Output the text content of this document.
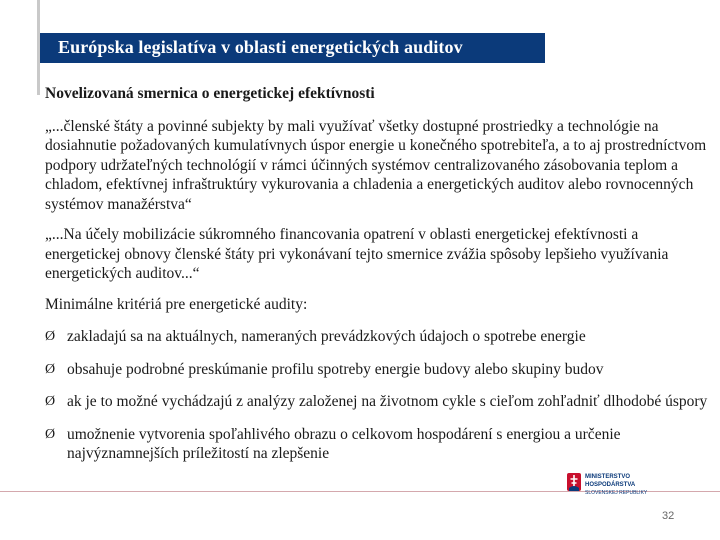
Európska legislatíva v oblasti energetických auditov

Novelizovaná smernica o energetickej efektívnosti

„...členské štáty a povinné subjekty by mali využívať všetky dostupné prostriedky a technológie na dosiahnutie požadovaných kumulatívnych úspor energie u konečného spotrebiteľa, a to aj prostredníctvom podpory udržateľných technológií v rámci účinných systémov centralizovaného zásobovania teplom a chladom, efektívnej infraštruktúry vykurovania a chladenia a energetických auditov alebo rovnocenných systémov manažérstva“

„...Na účely mobilizácie súkromného financovania opatrení v oblasti energetickej efektívnosti a energetickej obnovy členské štáty pri vykonávaní tejto smernice zvážia spôsoby lepšieho využívania energetických auditov...“

Minimálne kritériá pre energetické audity:

Ø zakladajú sa na aktuálnych, nameraných prevádzkových údajoch o spotrebe energie
Ø obsahuje podrobné preskúmanie profilu spotreby energie budovy alebo skupiny budov
Ø ak je to možné vychádzajú z analýzy založenej na životnom cykle s cieľom zohľadniť dlhodobé úspory
Ø umožnenie vytvorenia spoľahlivého obrazu o celkovom hospodárení s energiou a určenie najvýznamnejších príležitostí na zlepšenie
MINISTERSTVO
HOSPODÁRSTVA
SLOVENSKEJ REPUBLIKY
32
